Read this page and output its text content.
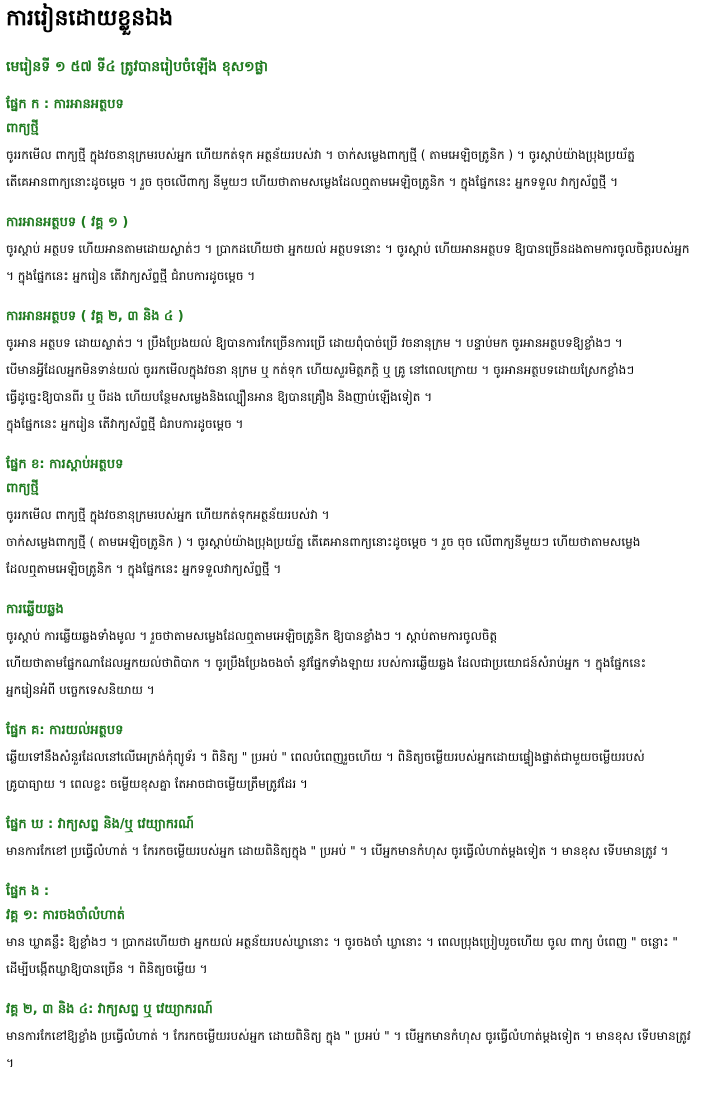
ការរៀនដោយខ្លួនឯង
មេរៀនទី ១ ៥៧ ទី៤ ត្រូវបានរៀបចំឡើង ខុស១ផ្លា
ផ្នែក ក : ការអានអត្ថបទ
ពាក្យថ្មី
ចូររកមើល ពាក្យថ្មី ក្នុងវចនានុក្រមរបស់អ្នក ហើយកត់ទុក អត្ថន័យរបស់វា ។ ចាក់សម្លេងពាក្យថ្មី ( តាមអេឡិចត្រូនិក ) ។ ចូរស្តាប់យ៉ាងប្រុងប្រយ័ត្ន
តើគេអានពាក្យនោះដូចម្តេច ។ រួច ចុចលើពាក្យ នីមួយៗ ហើយថាតាមសម្លេងដែលឮតាមអេឡិចត្រូនិក ។ ក្នុងផ្នែកនេះ អ្នកទទួល វាក្យស័ព្ទថ្មី ។
ការអានអត្ថបទ ( វគ្គ ១ )
ចូរស្តាប់ អត្ថបទ ហើយអានតាមដោយស្ងាត់ៗ ។ ប្រាកដហើយថា អ្នកយល់ អត្ថបទនោះ ។ ចូរស្តាប់ ហើយអានអត្ថបទ ឱ្យបានច្រើនដងតាមការចូលចិត្តរបស់អ្នក
។ ក្នុងផ្នែកនេះ អ្នករៀន តើវាក្យស័ព្ទថ្មី ជំរាបការដូចម្តេច ។
ការអានអត្ថបទ ( វគ្គ ២, ៣ និង ៤ )
ចូរអាន អត្ថបទ ដោយស្ងាត់ៗ ។ ប្រឹងប្រែងយល់ ឱ្យបានការកែច្រើនការប្រើ ដោយពុំបាច់ប្រើ វចនានុក្រម ។ បន្ទាប់មក ចូរអានអត្ថបទឱ្យខ្លាំងៗ ។
បើមានអ្វីដែលអ្នកមិនទាន់យល់ ចូររកមើលក្នុងវចនា នុក្រម ឬ កត់ទុក ហើយសួរមិត្តភក្តិ ឬ គ្រូ នៅពេលក្រោយ ។ ចូរអានអត្ថបទដោយស្រែកខ្លាំងៗ
ធ្វើដូច្នេះឱ្យបានពីរ ឬ បីដង ហើយបន្ថែមសម្លេងនិងល្បឿនអាន ឱ្យបានគ្រឿង និងញាប់ឡើងទៀត ។
ក្នុងផ្នែកនេះ អ្នករៀន តើវាក្យស័ព្ទថ្មី ជំរាបការដូចម្តេច ។
ផ្នែក ខ: ការស្តាប់អត្ថបទ
ពាក្យថ្មី
ចូររកមើល ពាក្យថ្មី ក្នុងវចនានុក្រមរបស់អ្នក ហើយកត់ទុកអត្ថន័យរបស់វា ។
ចាក់សម្លេងពាក្យថ្មី ( តាមអេឡិចត្រូនិក ) ។ ចូរស្តាប់យ៉ាងប្រុងប្រយ័ត្ន តើគេអានពាក្យនោះដូចម្តេច ។ រួច ចុច លើពាក្យនីមួយៗ ហើយថាតាមសម្លេង
ដែលឮតាមអេឡិចត្រូនិក ។ ក្នុងផ្នែកនេះ អ្នកទទួលវាក្យស័ព្ទថ្មី ។
ការឆ្លើយឆ្លង
ចូរស្តាប់ ការឆ្លើយឆ្លងទាំងមូល ។ រួចថាតាមសម្លេងដែលឮតាមអេឡិចត្រូនិក ឱ្យបានខ្លាំងៗ ។ ស្តាប់តាមការចូលចិត្ត
ហើយថាតាមផ្នែកណាដែលអ្នកយល់ថាពិបាក ។ ចូរប្រឹងប្រែងចងចាំ នូវផ្នែកទាំងឡាយ របស់ការឆ្លើយឆ្លង ដែលជាប្រយោជន៍សំរាប់អ្នក ។ ក្នុងផ្នែកនេះ
អ្នករៀនអំពី បច្ចេកទេសនិយាយ ។
ផ្នែក គ: ការយល់អត្ថបទ
ឆ្លើយទៅនឹងសំនួរដែលនៅលើអេក្រង់កុំព្យូទ័រ ។ ពិនិត្យ " ប្រអប់ " ពេលបំពេញរួចហើយ ។ ពិនិត្យចម្លើយរបស់អ្នកដោយផ្ទៀងផ្ទាត់ជាមួយចម្លើយរបស់
គ្រូបាធ្យាយ ។ ពេលខ្លះ ចម្លើយខុសគ្នា តែអាចជាចម្លើយត្រឹមត្រូវដែរ ។
ផ្នែក ឃ : វាក្យសព្ទ និង/ឬ វេយ្យាករណ៍
មានការកែខៅ ប្រធ្វើលំហាត់ ។ កែរកចម្លើយរបស់អ្នក ដោយពិនិត្យក្នុង " ប្រអប់ " ។ បើអ្នកមានកំហុស ចូរធ្វើលំហាត់ម្តងទៀត ។ មានខុស ទើបមានត្រូវ ។
ផ្នែក ង :
វគ្គ ១: ការចងចាំលំហាត់
មាន ឃ្លាគន្លឹះ ឱ្យខ្លាំងៗ ។ ប្រាកដហើយថា អ្នកយល់ អត្ថន័យរបស់ឃ្លានោះ ។ ចូរចងចាំ ឃ្លានោះ ។ ពេលប្រុងប្រៀបរួចហើយ ចូល ពាក្យ បំពេញ " ចន្លោះ "
ដើម្បីបង្កើតឃ្លាឱ្យបានច្រើន ។ ពិនិត្យចម្លើយ ។
វគ្គ ២, ៣ និង ៤: វាក្យសព្ទ ឬ វេយ្យាករណ៍
មានការកែខៅឱ្យខ្លាំង ប្រធ្វើលំហាត់ ។ កែរកចម្លើយរបស់អ្នក ដោយពិនិត្យ ក្នុង " ប្រអប់ " ។ បើអ្នកមានកំហុស ចូរធ្វើលំហាត់ម្តងទៀត ។ មានខុស ទើបមានត្រូវ
។
